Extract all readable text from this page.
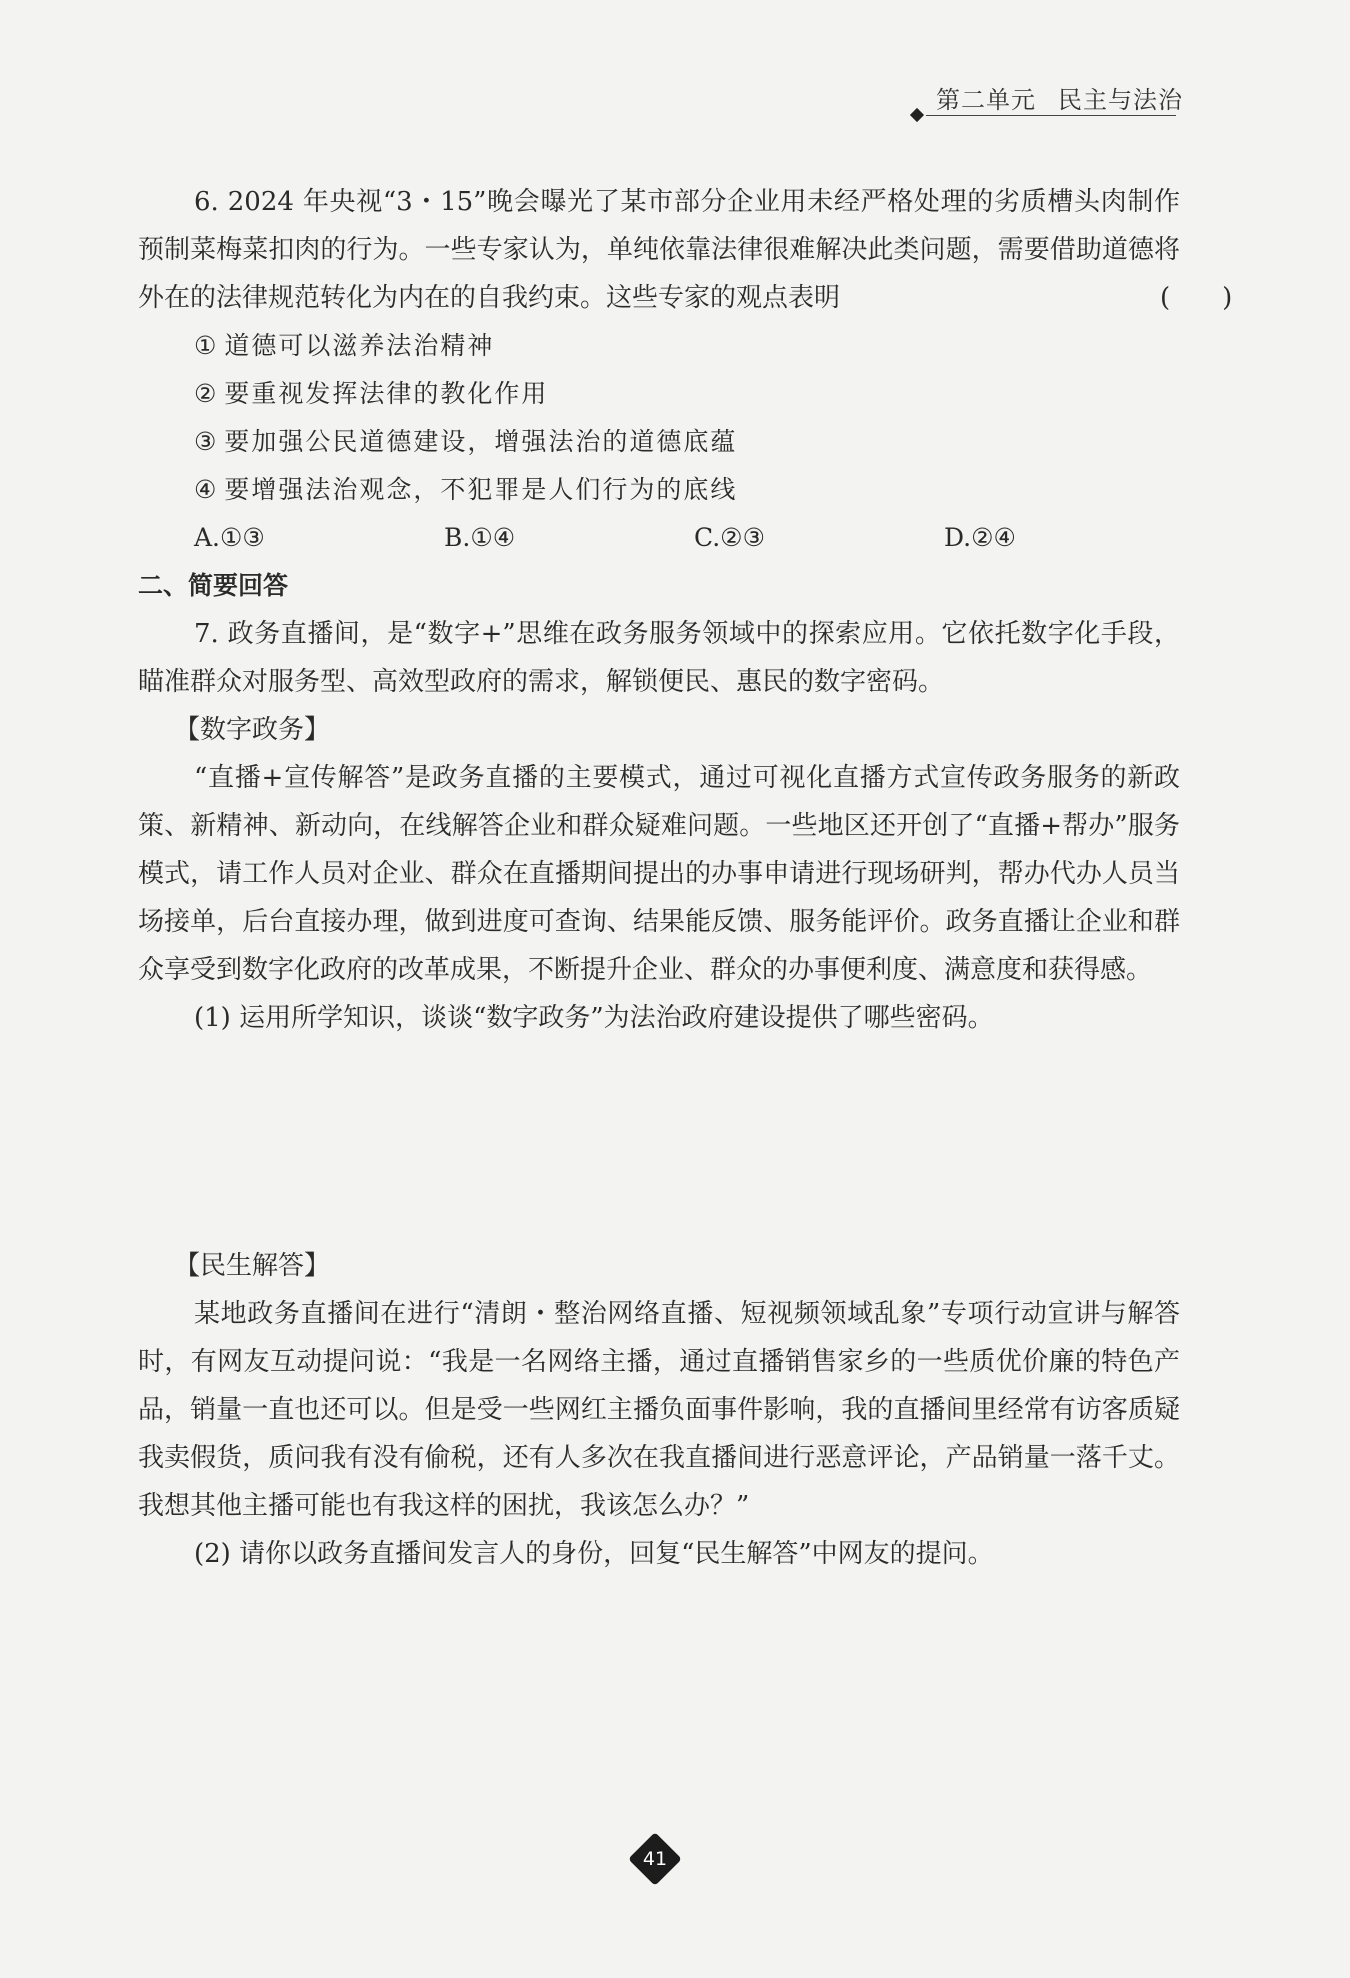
第二单元 民主与法治

6. 2024 年央视“3・15”晚会曝光了某市部分企业用未经严格处理的劣质槽头肉制作预制菜梅菜扣肉的行为。一些专家认为，单纯依靠法律很难解决此类问题，需要借助道德将外在的法律规范转化为内在的自我约束。这些专家的观点表明	(　　)

① 道德可以滋养法治精神
② 要重视发挥法律的教化作用
③ 要加强公民道德建设，增强法治的道德底蕴
④ 要增强法治观念，不犯罪是人们行为的底线
A.①③	B.①④	C.②③	D.②④

二、简要回答

7. 政务直播间，是“数字+”思维在政务服务领域中的探索应用。它依托数字化手段，瞄准群众对服务型、高效型政府的需求，解锁便民、惠民的数字密码。

【数字政务】

“直播+宣传解答”是政务直播的主要模式，通过可视化直播方式宣传政务服务的新政策、新精神、新动向，在线解答企业和群众疑难问题。一些地区还开创了“直播+帮办”服务模式，请工作人员对企业、群众在直播期间提出的办事申请进行现场研判，帮办代办人员当场接单，后台直接办理，做到进度可查询、结果能反馈、服务能评价。政务直播让企业和群众享受到数字化政府的改革成果，不断提升企业、群众的办事便利度、满意度和获得感。

(1) 运用所学知识，谈谈“数字政务”为法治政府建设提供了哪些密码。

【民生解答】

某地政务直播间在进行“清朗・整治网络直播、短视频领域乱象”专项行动宣讲与解答时，有网友互动提问说：“我是一名网络主播，通过直播销售家乡的一些质优价廉的特色产品，销量一直也还可以。但是受一些网红主播负面事件影响，我的直播间里经常有访客质疑我卖假货，质问我有没有偷税，还有人多次在我直播间进行恶意评论，产品销量一落千丈。我想其他主播可能也有我这样的困扰，我该怎么办？”

(2) 请你以政务直播间发言人的身份，回复“民生解答”中网友的提问。

41
